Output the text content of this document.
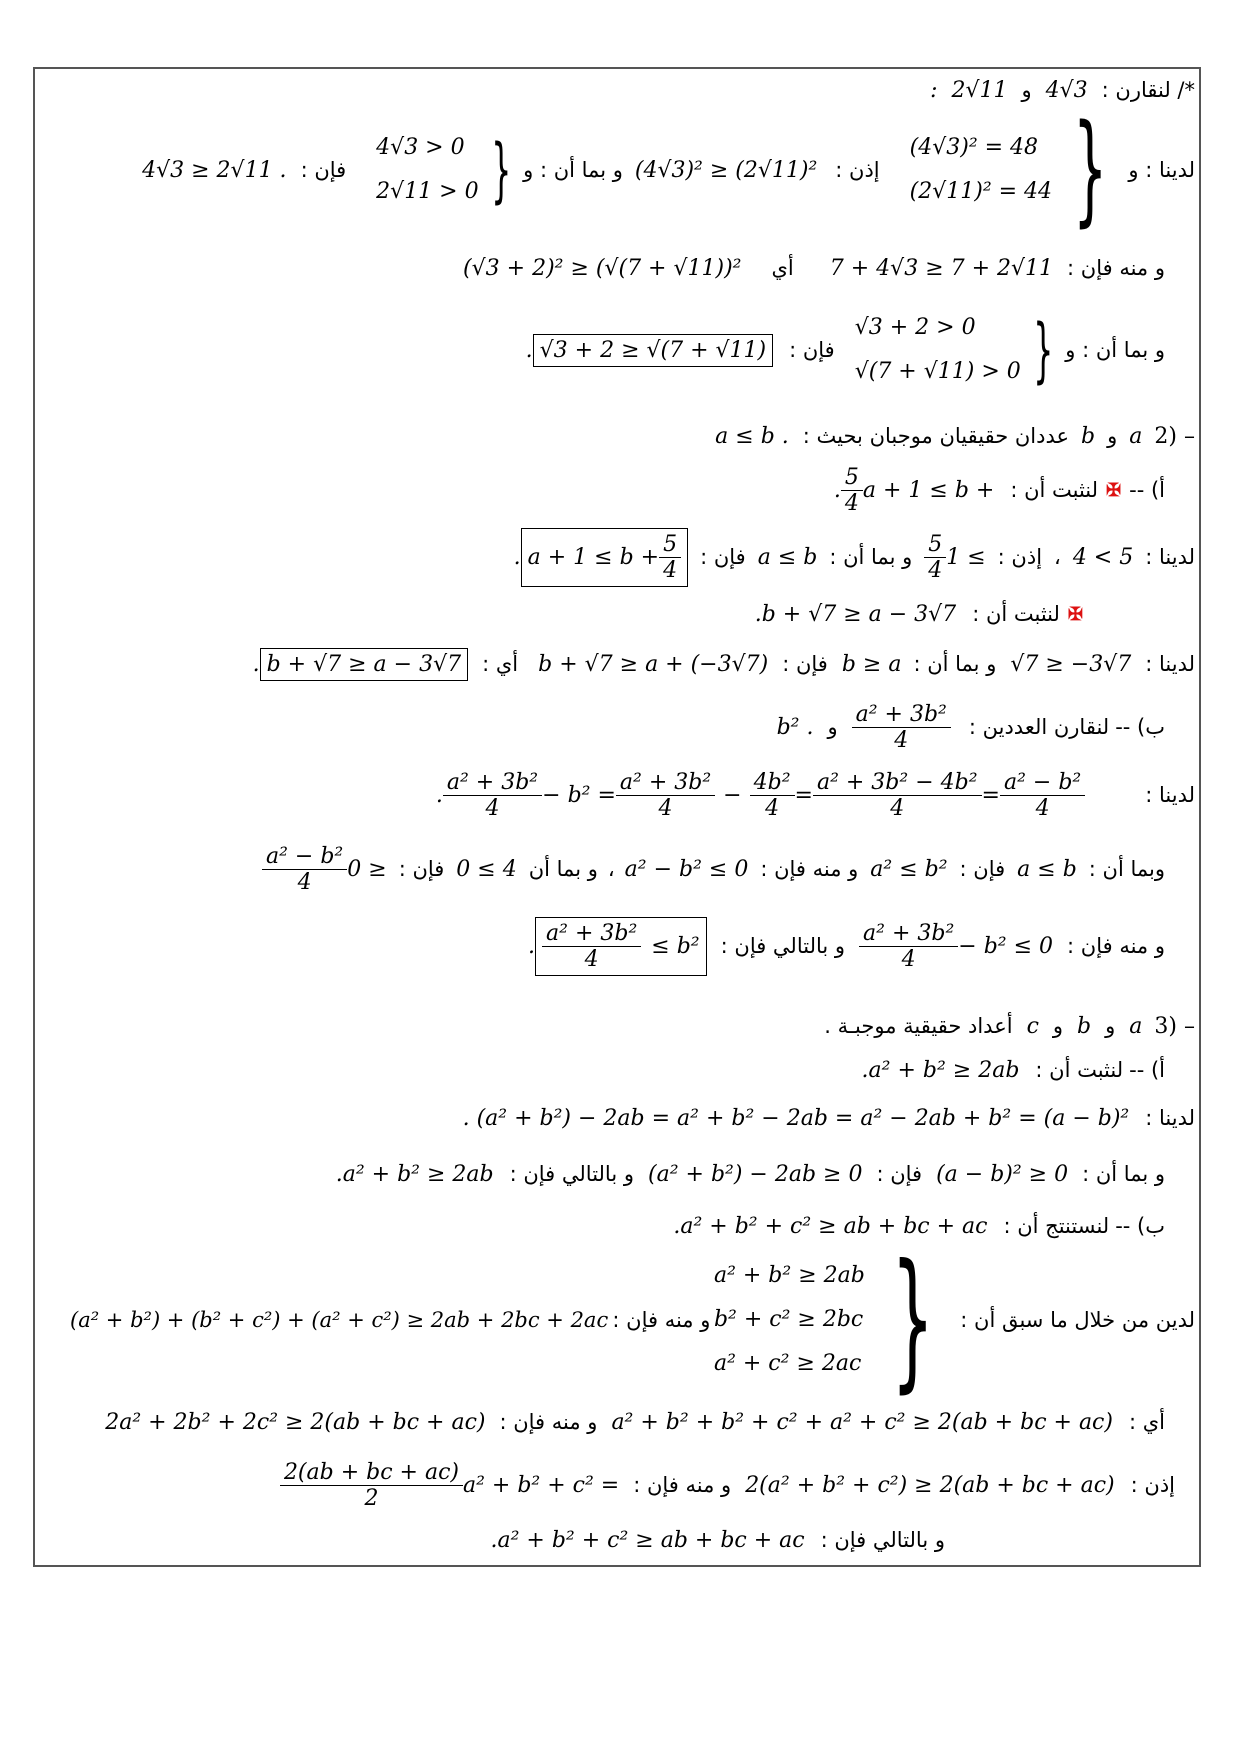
*/ لنقارن :
4√3
و
2√11
:
لدينا : و
}
(4√3)² = 48
(2√11)² = 44
إذن :
(4√3)² ≥ (2√11)²
و بما أن : و
}
4√3 > 0
2√11 > 0
فإن :
4√3 ≥ 2√11 .
و منه فإن :
7 + 4√3 ≥ 7 + 2√11
أي
(√3 + 2)² ≥ (√(7 + √11))²
و بما أن : و
}
√3 + 2 > 0
√(7 + √11) > 0
فإن :
√3 + 2 ≥ √(7 + √11)
.
2) –
a
و
b
عددان حقيقيان موجبان بحيث :
a ≤ b .
أ) --
✠
لنثبت أن :
a + 1 ≤ b +
$\frac{5}{4}$
.
لدينا :
4 < 5
،
إذن :
1 ≤
$\frac{5}{4}$
و بما أن :
a ≤ b
فإن :
$a + 1 \le b + \frac{5}{4}$
.
✠
لنثبت أن :
.b + √7 ≥ a − 3√7
لدينا :
√7 ≥ −3√7
و بما أن :
b ≥ a
فإن :
b + √7 ≥ a + (−3√7)
أي :
b + √7 ≥ a − 3√7
.
ب) --
لنقارن العددين :
$\frac{\text{a² + 3b²}}{4}$
و
b² .
لدينا :
$\frac{\text{a² − b²}}{4}$
=
$\frac{\text{a² + 3b² − 4b²}}{4}$
=
$\frac{\text{4b²}}{4}$
−
$\frac{\text{a² + 3b²}}{4}$
− b² =
$\frac{\text{a² + 3b²}}{4}$
.
وبما أن :
a ≤ b
فإن :
a² ≤ b²
و منه فإن :
a² − b² ≤ 0
،
و بما أن
0 ≤ 4
فإن :
0 ≥
$\frac{\text{a² − b²}}{4}$
و منه فإن :
− b² ≤ 0
$\frac{\text{a² + 3b²}}{4}$
و بالتالي فإن :
$\frac{\text{a² + 3b²}}{4} \le b^2$
.
3) –
a
و
b
و
c
أعداد حقيقية موجبـة .
أ) --
لنثبت أن :
.a² + b² ≥ 2ab
لدينا :
. (a² + b²) − 2ab = a² + b² − 2ab = a² − 2ab + b² = (a − b)²
و بما أن :
(a − b)² ≥ 0
فإن :
(a² + b²) − 2ab ≥ 0
و بالتالي فإن :
.a² + b² ≥ 2ab
ب) --
لنستنتج أن :
.a² + b² + c² ≥ ab + bc + ac
لدين من خلال ما سبق أن :
}
a² + b² ≥ 2ab
b² + c² ≥ 2bc
a² + c² ≥ 2ac
و منه فإن :
(a² + b²) + (b² + c²) + (a² + c²) ≥ 2ab + 2bc + 2ac
أي :
a² + b² + b² + c² + a² + c² ≥ 2(ab + bc + ac)
و منه فإن :
2a² + 2b² + 2c² ≥ 2(ab + bc + ac)
إذن :
2(a² + b² + c²) ≥ 2(ab + bc + ac)
و منه فإن :
a² + b² + c² =
$\frac{2(ab + bc + ac)}{2}$
و بالتالي فإن :
.a² + b² + c² ≥ ab + bc + ac
